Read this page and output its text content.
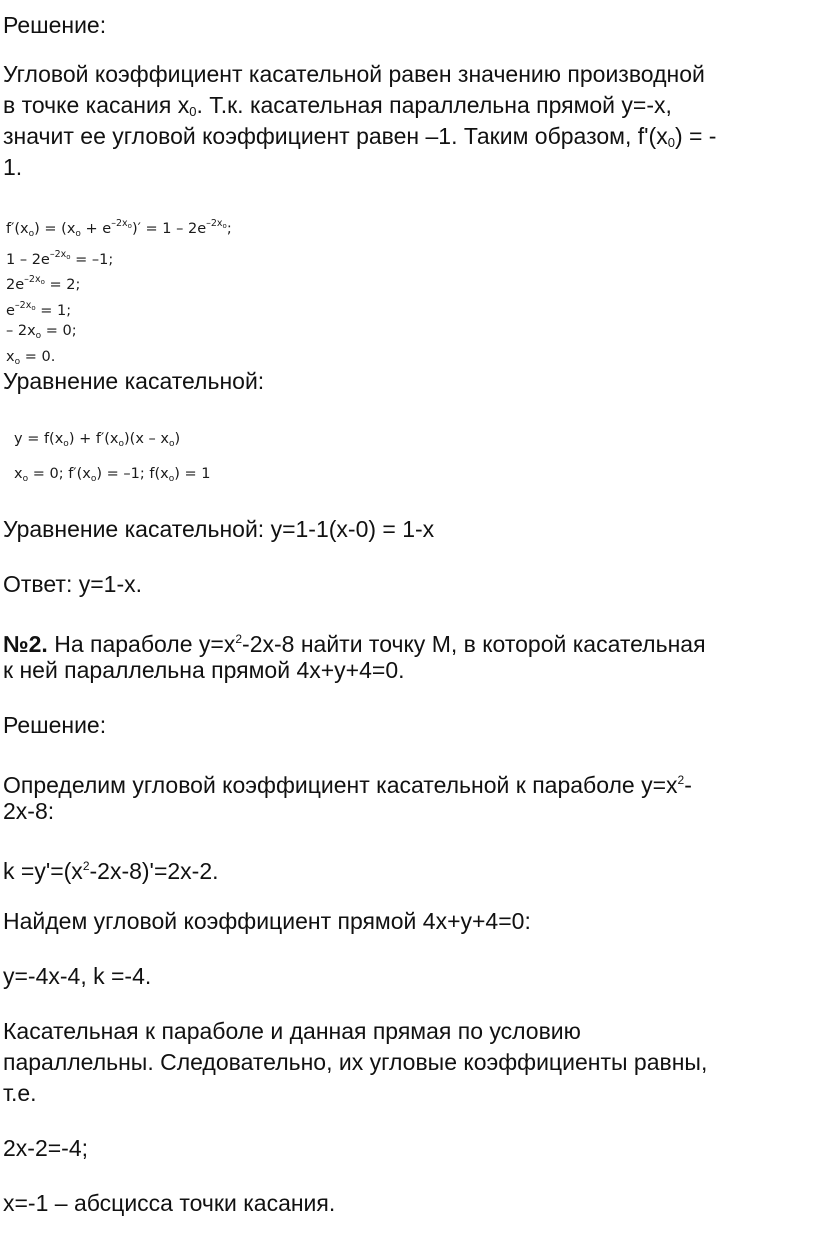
Решение:

Угловой коэффициент касательной равен значению производной

в точке касания $x_0$. Т.к. касательная параллельна прямой y=-x,

значит ее угловой коэффициент равен –1. Таким образом, $f'(x_0)$ = -

1.

$f'(x_o) = (x_o + e^{-2x_o})' = 1 - 2e^{-2x_o}$;
$1 - 2e^{-2x_o} = -1$;
$2e^{-2x_o} = 2$;
$e^{-2x_o} = 1$;
– $2x_o = 0$;
$x_o = 0$.

Уравнение касательной:

$y = f(x_o) + f'(x_o)(x - x_o)$
$x_o = 0$; $f'(x_o) = -1$; $f(x_o) = 1$

Уравнение касательной: y=1-1(x-0) = 1-x

Ответ: y=1-x.

№2. На параболе $y=x^2-2x-8$ найти точку М, в которой касательная

к ней параллельна прямой 4x+y+4=0.

Решение:

Определим угловой коэффициент касательной к параболе $y=x^2-$

2x-8:

$k =y'=(x^2-2x-8)'=2x-2$.

Найдем угловой коэффициент прямой 4x+y+4=0:

y=-4x-4, k =-4.

Касательная к параболе и данная прямая по условию

параллельны. Следовательно, их угловые коэффициенты равны,

т.е.

2x-2=-4;

x=-1 – абсцисса точки касания.
